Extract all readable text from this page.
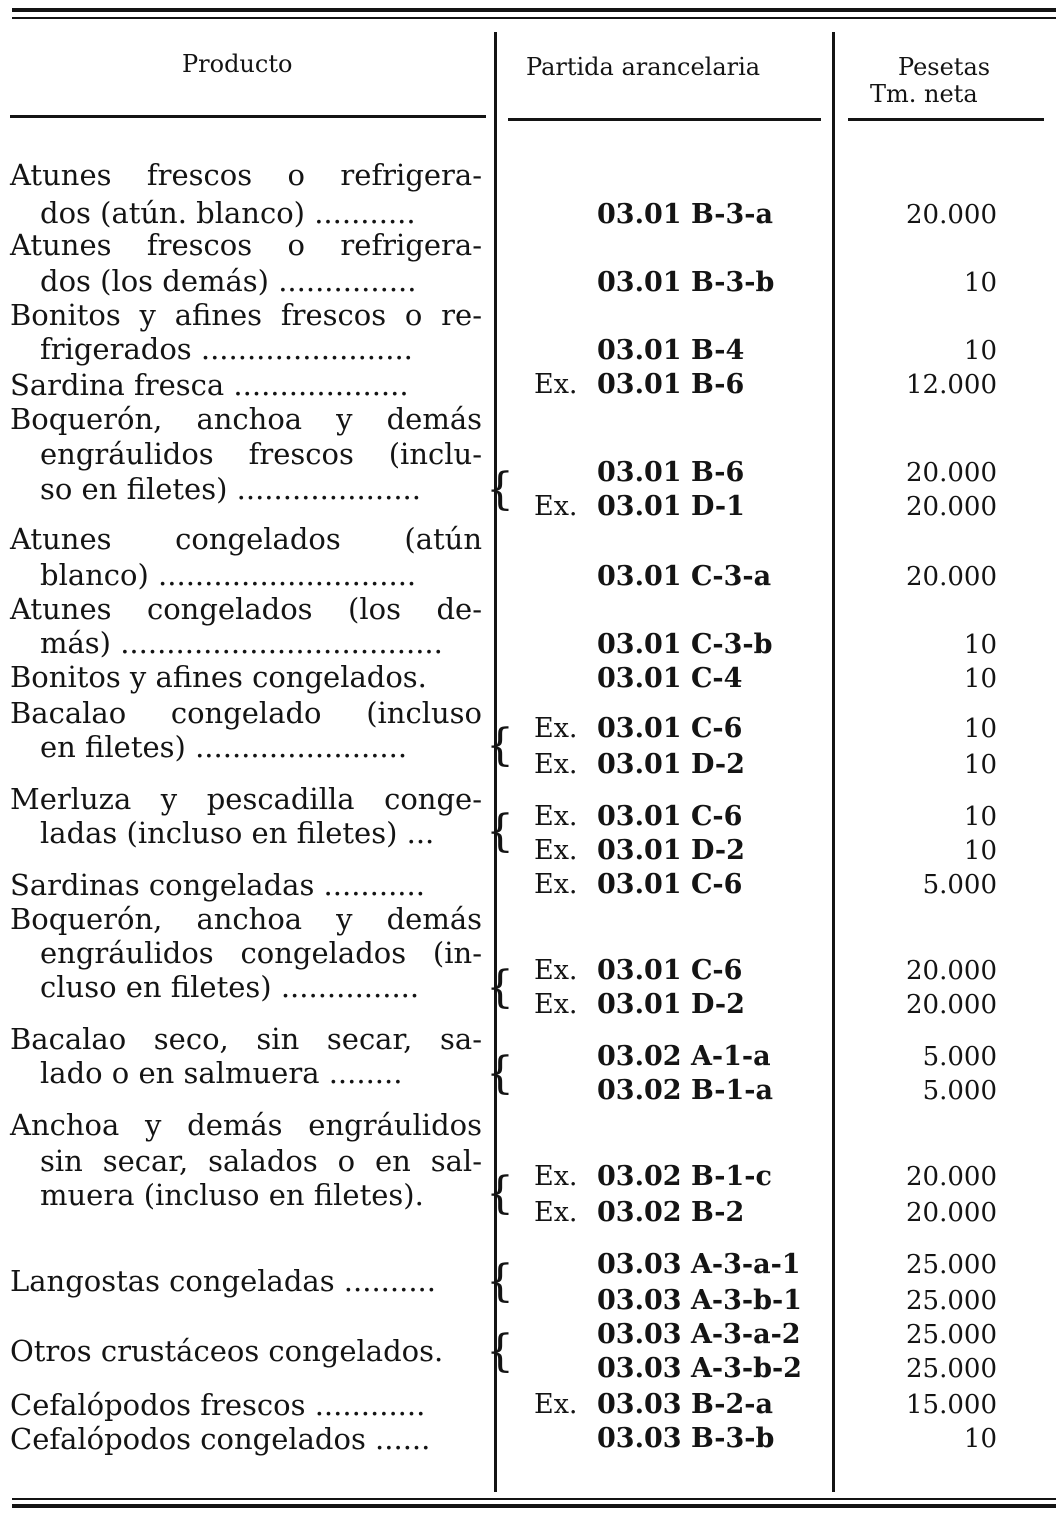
Producto	Partida arancelaria	Pesetas
Tm. neta
Atunes frescos o refrigera-
dos (atún. blanco) ...........
Atunes frescos o refrigera-
dos (los demás) ...............
Bonitos y afines frescos o re-
frigerados .......................
Sardina fresca ...................
Boquerón, anchoa y demás
engráulidos frescos (inclu-
so en filetes) ....................
Atunes congelados (atún
blanco) ............................
Atunes congelados (los de-
más) ...................................
Bonitos y afines congelados.
Bacalao congelado (incluso
en filetes) .......................
Merluza y pescadilla conge-
ladas (incluso en filetes) ...
Sardinas congeladas ...........
Boquerón, anchoa y demás
engráulidos congelados (in-
cluso en filetes) ...............
Bacalao seco, sin secar, sa-
lado o en salmuera ........
Anchoa y demás engráulidos
sin secar, salados o en sal-
muera (incluso en filetes).
Langostas congeladas ..........
Otros crustáceos congelados.
Cefalópodos frescos ............
Cefalópodos congelados ......
{
{
{
{
{
{
{
{
Ex.
Ex.
Ex.
Ex.
Ex.
Ex.
Ex.
Ex.
Ex.
Ex.
Ex.
Ex.
03.01 B-3-a
03.01 B-3-b
03.01 B-4
03.01 B-6
03.01 B-6
03.01 D-1
03.01 C-3-a
03.01 C-3-b
03.01 C-4
03.01 C-6
03.01 D-2
03.01 C-6
03.01 D-2
03.01 C-6
03.01 C-6
03.01 D-2
03.02 A-1-a
03.02 B-1-a
03.02 B-1-c
03.02 B-2
03.03 A-3-a-1
03.03 A-3-b-1
03.03 A-3-a-2
03.03 A-3-b-2
03.03 B-2-a
03.03 B-3-b
20.000
10
10
12.000
20.000
20.000
20.000
10
10
10
10
10
10
5.000
20.000
20.000
5.000
5.000
20.000
20.000
25.000
25.000
25.000
25.000
15.000
10
